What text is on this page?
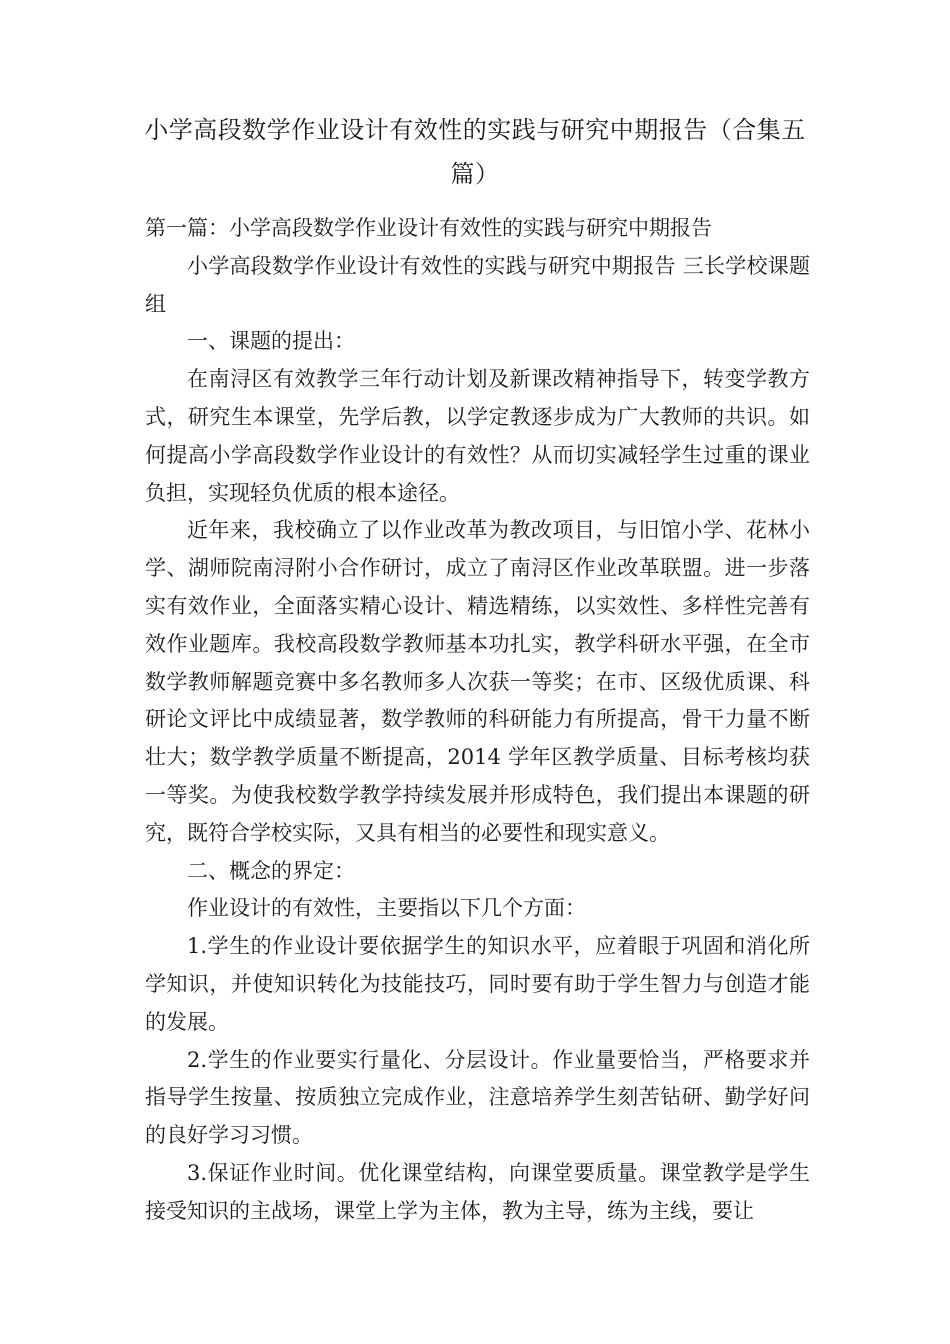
小学高段数学作业设计有效性的实践与研究中期报告（合集五篇）

第一篇：小学高段数学作业设计有效性的实践与研究中期报告

小学高段数学作业设计有效性的实践与研究中期报告 三长学校课题组

一、课题的提出：

在南浔区有效教学三年行动计划及新课改精神指导下，转变学教方式，研究生本课堂，先学后教，以学定教逐步成为广大教师的共识。如何提高小学高段数学作业设计的有效性？从而切实减轻学生过重的课业负担，实现轻负优质的根本途径。

近年来，我校确立了以作业改革为教改项目，与旧馆小学、花林小学、湖师院南浔附小合作研讨，成立了南浔区作业改革联盟。进一步落实有效作业，全面落实精心设计、精选精练，以实效性、多样性完善有效作业题库。我校高段数学教师基本功扎实，教学科研水平强，在全市数学教师解题竞赛中多名教师多人次获一等奖；在市、区级优质课、科研论文评比中成绩显著，数学教师的科研能力有所提高，骨干力量不断壮大；数学教学质量不断提高，2014 学年区教学质量、目标考核均获一等奖。为使我校数学教学持续发展并形成特色，我们提出本课题的研究，既符合学校实际，又具有相当的必要性和现实意义。

二、概念的界定：

作业设计的有效性，主要指以下几个方面：

1.学生的作业设计要依据学生的知识水平，应着眼于巩固和消化所学知识，并使知识转化为技能技巧，同时要有助于学生智力与创造才能的发展。

2.学生的作业要实行量化、分层设计。作业量要恰当，严格要求并指导学生按量、按质独立完成作业，注意培养学生刻苦钻研、勤学好问的良好学习习惯。

3.保证作业时间。优化课堂结构，向课堂要质量。课堂教学是学生接受知识的主战场，课堂上学为主体，教为主导，练为主线，要让
